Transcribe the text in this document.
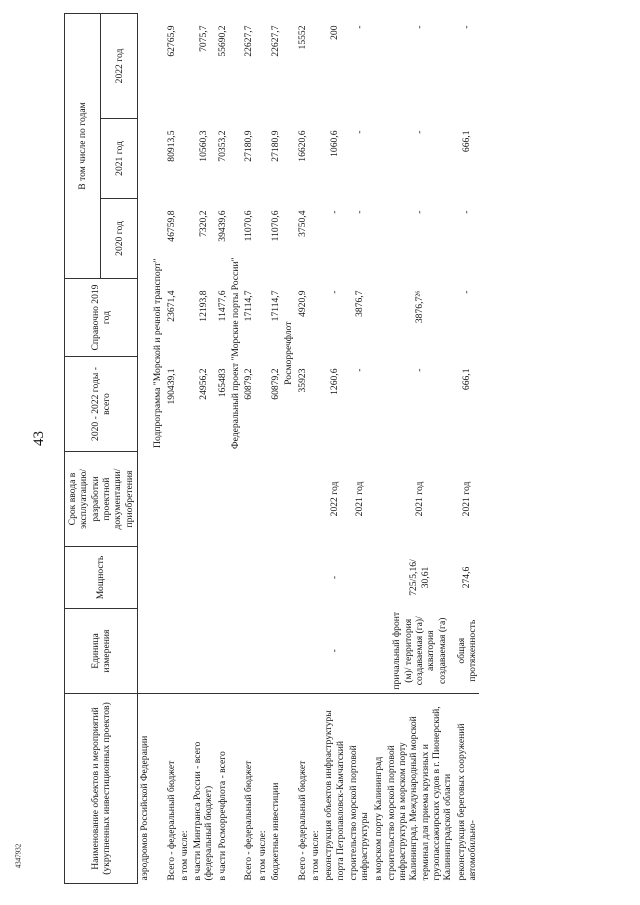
43
4347932	Наименование объектов и мероприятий (укрупненных инвестиционных проектов)	Единица измерения	Мощность	Срок ввода в эксплуатацию/ разработки проектной документации/ приобретения	2020 - 2022 годы - всего	Справочно 2019 год	В том числе по годам		
						2020 год	2021 год	2022 год
аэродромов Российской Федерации								
	Подпрограмма "Морской и речной транспорт"							
Всего - федеральный бюджет				190439,1	23671,4	46759,8	80913,5	62765,9
в том числе:								
в части Минтранса России - всего (федеральный бюджет)				24956,2	12193,8	7320,2	10560,3	7075,7
в части Росморречфлота - всего				165483	11477,6	39439,6	70353,2	55690,2
	Федеральный проект "Морские порты России"							
Всего - федеральный бюджет				60879,2	17114,7	11070,6	27180,9	22627,7
в том числе:								
бюджетные инвестиции				60879,2	17114,7	11070,6	27180,9	22627,7
	Росморречфлот							
Всего - федеральный бюджет				35923	4920,9	3750,4	16620,6	15552
в том числе:								
реконструкция объектов инфраструктуры порта Петропавловск-Камчатский	-	-	2022 год	1260,6	-	-	1060,6	200
строительство морской портовой инфраструктуры			2021 год	-	3876,7	-	-	-
в морском порту Калининград								
строительство морской портовой инфраструктуры в морском порту Калининград. Международный морской терминал для приема круизных и грузопассажирских судов в г. Пионерский, Калининградской области	причальный фронт (м)/ территория создаваемая (га)/ акватория создаваемая (га)	725/5,16/ 30,61	2021 год	-	3876,7²⁶	-	-	-
реконструкция береговых сооружений автомобильно-	общая протяженность	274,6	2021 год	666,1	-	-	666,1	-
